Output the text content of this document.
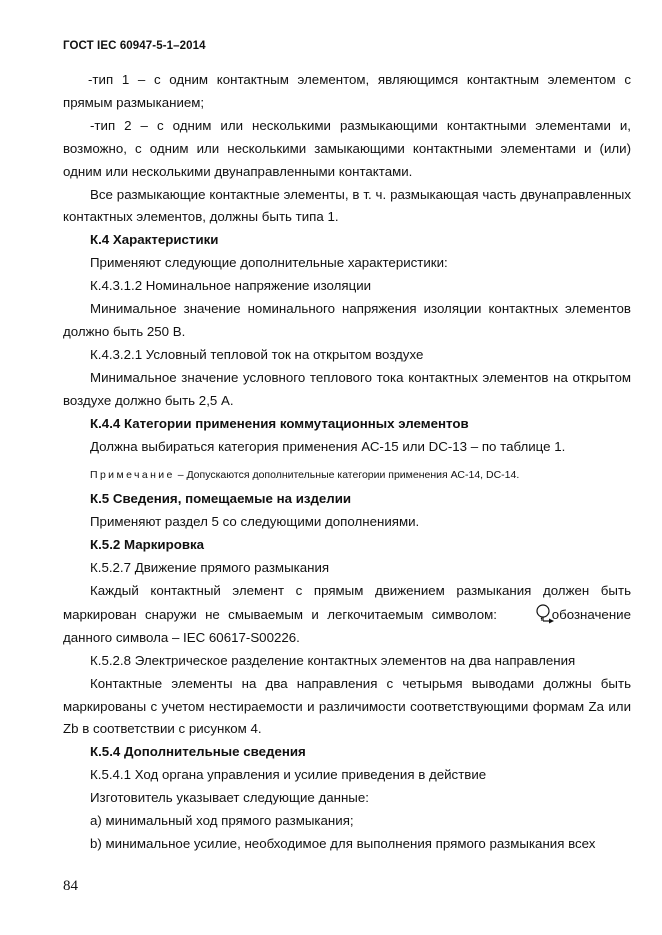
ГОСТ IEC 60947-5-1–2014

-тип 1 – с одним контактным элементом, являющимся контактным элементом с прямым размыканием;

-тип 2 – с одним или несколькими размыкающими контактными элементами и, возможно, с одним или несколькими замыкающими контактными элементами и (или) одним или несколькими двунаправленными контактами.

Все размыкающие контактные элементы, в т. ч. размыкающая часть двунаправленных контактных элементов, должны быть типа 1.

К.4 Характеристики

Применяют следующие дополнительные характеристики:

К.4.3.1.2 Номинальное напряжение изоляции

Минимальное значение номинального напряжения изоляции контактных элементов должно быть 250 В.

К.4.3.2.1 Условный тепловой ток на открытом воздухе

Минимальное значение условного теплового тока контактных элементов на открытом воздухе должно быть 2,5 А.

К.4.4 Категории применения коммутационных элементов

Должна выбираться категория применения АС-15 или DC-13 – по таблице 1.

Примечание – Допускаются дополнительные категории применения АС-14, DC-14.

К.5 Сведения, помещаемые на изделии

Применяют раздел 5 со следующими дополнениями.

К.5.2 Маркировка

К.5.2.7 Движение прямого размыкания

Каждый контактный элемент с прямым движением размыкания должен быть маркирован снаружи не смываемым и легкочитаемым символом:  , обозначение данного символа – IEC 60617-S00226.

К.5.2.8 Электрическое разделение контактных элементов на два направления

Контактные элементы на два направления с четырьмя выводами должны быть маркированы с учетом нестираемости и различимости соответствующими формам Za или Zb в соответствии с рисунком 4.

К.5.4 Дополнительные сведения

К.5.4.1 Ход органа управления и усилие приведения в действие

Изготовитель указывает следующие данные:

a) минимальный ход прямого размыкания;

b) минимальное усилие, необходимое для выполнения прямого размыкания всех

84
